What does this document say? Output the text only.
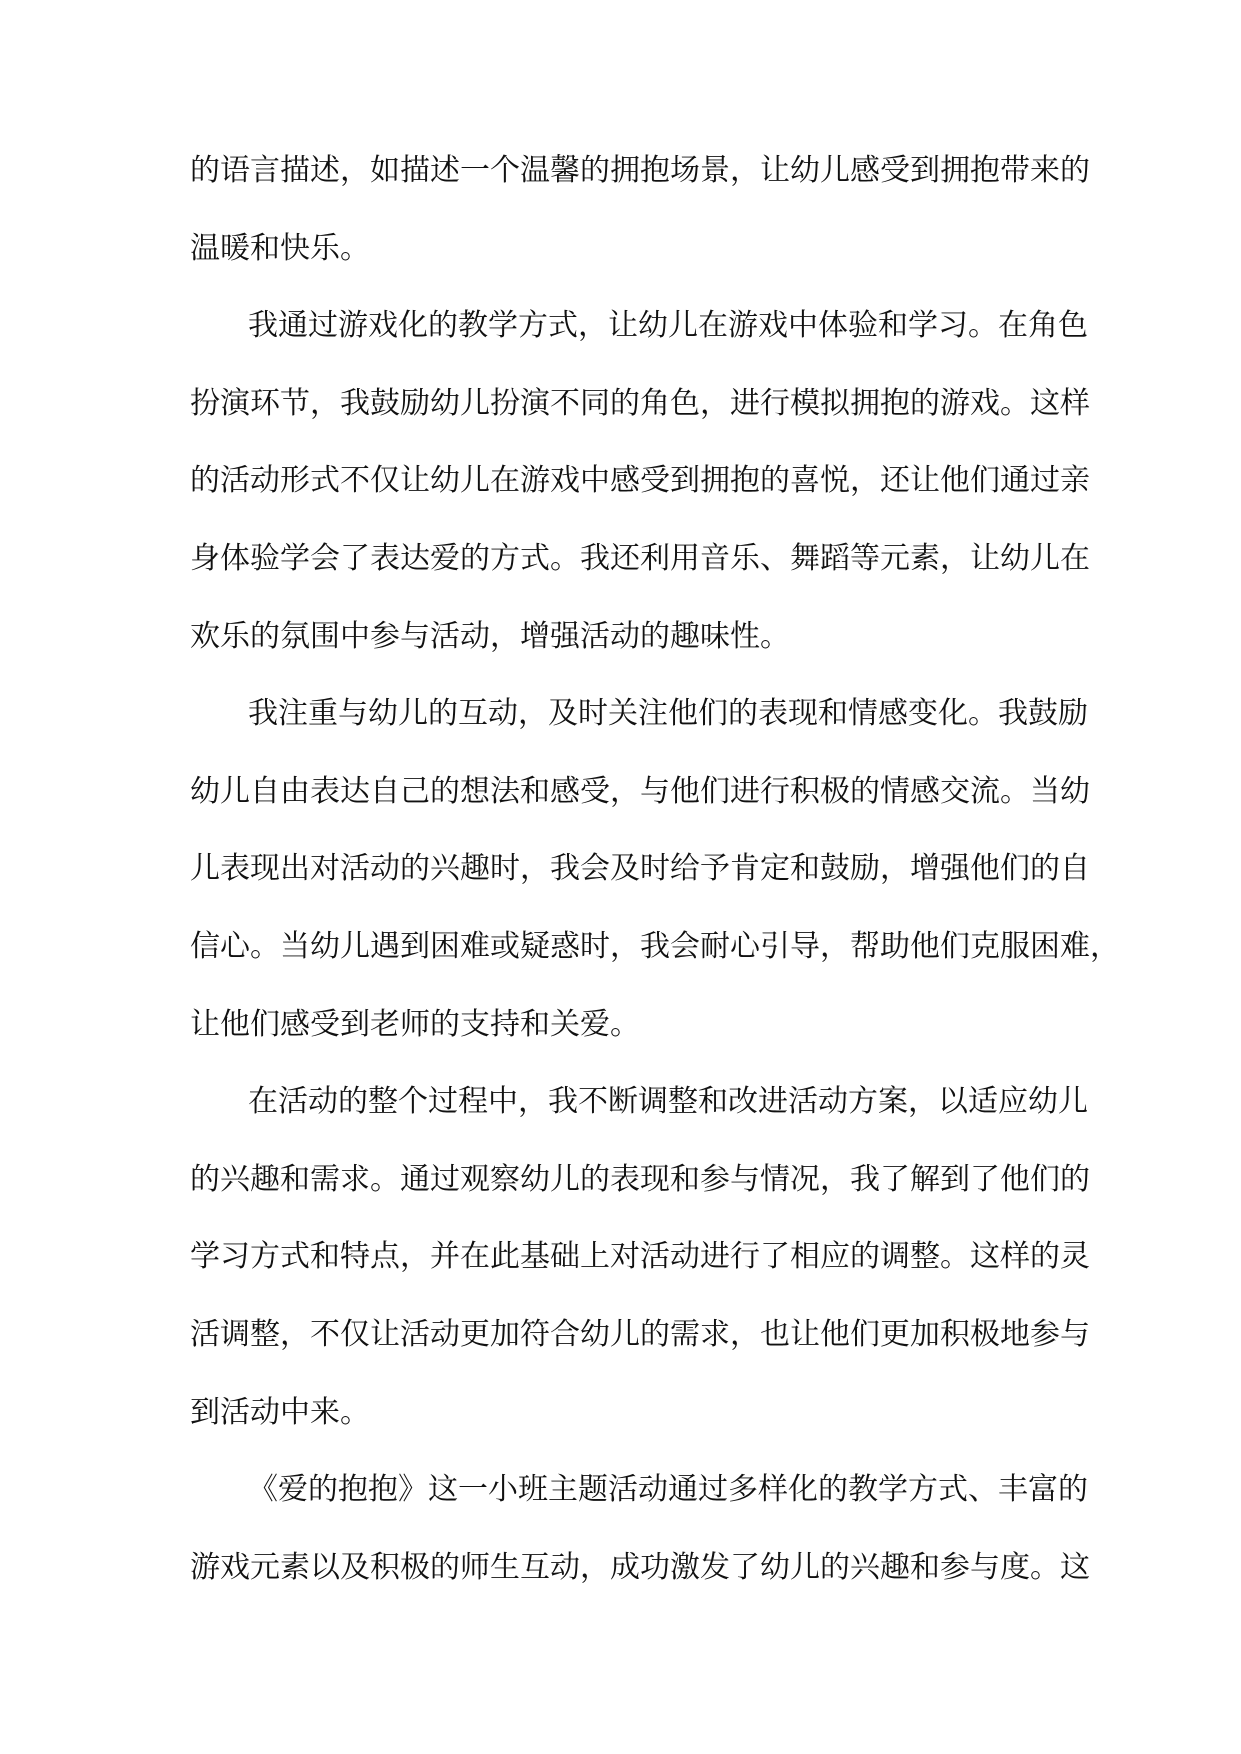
的语言描述，如描述一个温馨的拥抱场景，让幼儿感受到拥抱带来的
温暖和快乐。
我通过游戏化的教学方式，让幼儿在游戏中体验和学习。在角色
扮演环节，我鼓励幼儿扮演不同的角色，进行模拟拥抱的游戏。这样
的活动形式不仅让幼儿在游戏中感受到拥抱的喜悦，还让他们通过亲
身体验学会了表达爱的方式。我还利用音乐、舞蹈等元素，让幼儿在
欢乐的氛围中参与活动，增强活动的趣味性。
我注重与幼儿的互动，及时关注他们的表现和情感变化。我鼓励
幼儿自由表达自己的想法和感受，与他们进行积极的情感交流。当幼
儿表现出对活动的兴趣时，我会及时给予肯定和鼓励，增强他们的自
信心。当幼儿遇到困难或疑惑时，我会耐心引导，帮助他们克服困难，
让他们感受到老师的支持和关爱。
在活动的整个过程中，我不断调整和改进活动方案，以适应幼儿
的兴趣和需求。通过观察幼儿的表现和参与情况，我了解到了他们的
学习方式和特点，并在此基础上对活动进行了相应的调整。这样的灵
活调整，不仅让活动更加符合幼儿的需求，也让他们更加积极地参与
到活动中来。
《爱的抱抱》这一小班主题活动通过多样化的教学方式、丰富的
游戏元素以及积极的师生互动，成功激发了幼儿的兴趣和参与度。这
